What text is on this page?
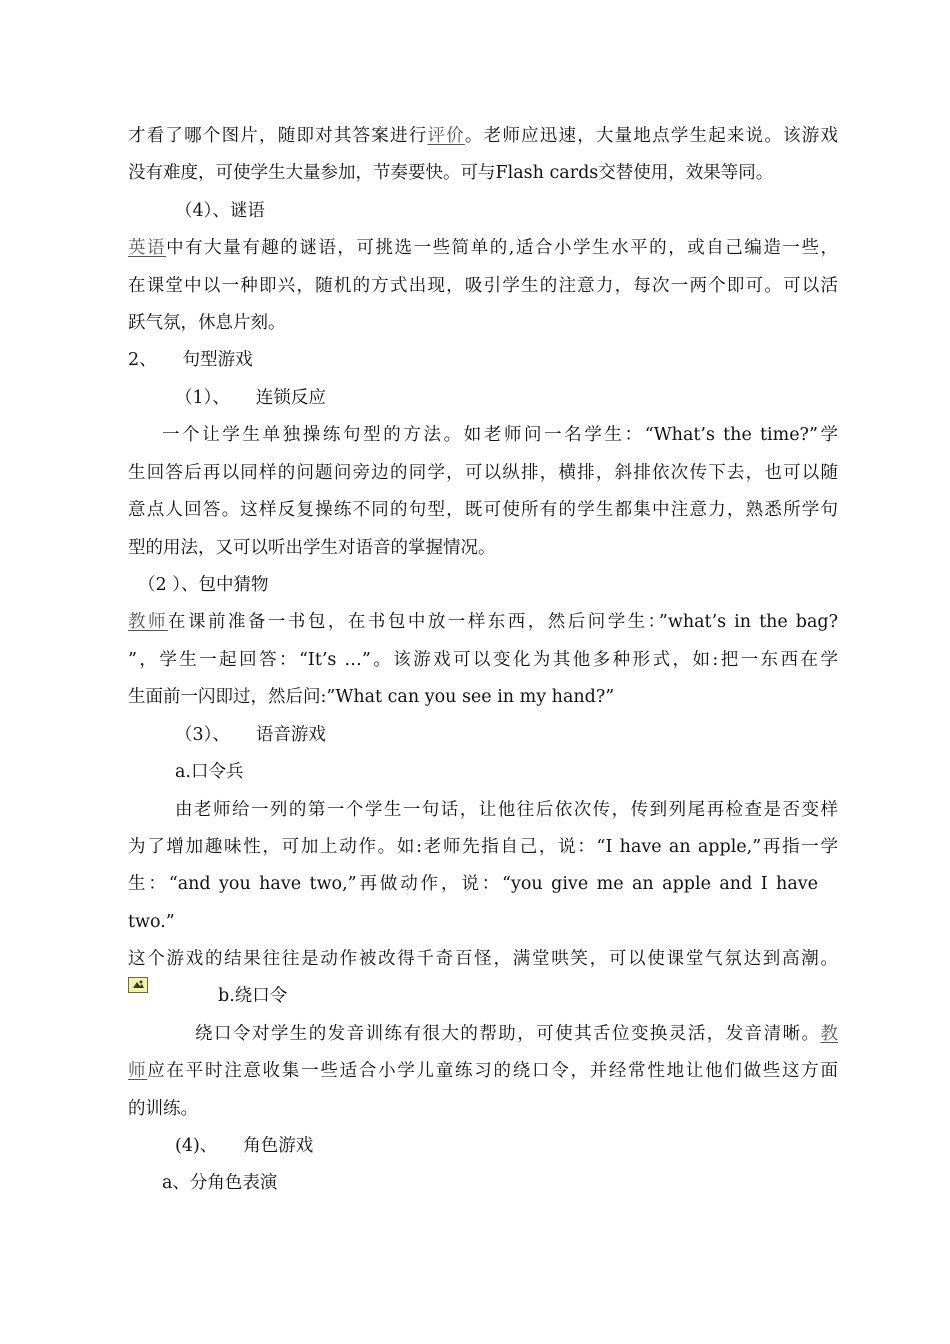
才看了哪个图片，随即对其答案进行评价。老师应迅速，大量地点学生起来说。该游戏
没有难度，可使学生大量参加，节奏要快。可与Flash cards交替使用，效果等同。
（4）、谜语
英语中有大量有趣的谜语，可挑选一些简单的,适合小学生水平的，或自己编造一些，
在课堂中以一种即兴，随机的方式出现，吸引学生的注意力，每次一两个即可。可以活
跃气氛，休息片刻。
2、 句型游戏
（1）、 连锁反应
一个让学生单独操练句型的方法。如老师问一名学生：“What’s the time?”学
生回答后再以同样的问题问旁边的同学，可以纵排，横排，斜排依次传下去，也可以随
意点人回答。这样反复操练不同的句型，既可使所有的学生都集中注意力，熟悉所学句
型的用法，又可以听出学生对语音的掌握情况。
（2 ）、包中猜物
教师在课前准备一书包，在书包中放一样东西，然后问学生：”what’s in the bag?
”，学生一起回答：“It’s …”。该游戏可以变化为其他多种形式，如:把一东西在学
生面前一闪即过，然后问:”What can you see in my hand?”
（3）、 语音游戏
a.口令兵
由老师给一列的第一个学生一句话，让他往后依次传，传到列尾再检查是否变样
为了增加趣味性，可加上动作。如:老师先指自己，说：“I have an apple,”再指一学
生：“and you have two,”再做动作，说：“you give me an apple and I have
two.”
这个游戏的结果往往是动作被改得千奇百怪，满堂哄笑，可以使课堂气氛达到高潮。
b.绕口令
绕口令对学生的发音训练有很大的帮助，可使其舌位变换灵活，发音清晰。教
师应在平时注意收集一些适合小学儿童练习的绕口令，并经常性地让他们做些这方面
的训练。
(4)、 角色游戏
a、分角色表演
